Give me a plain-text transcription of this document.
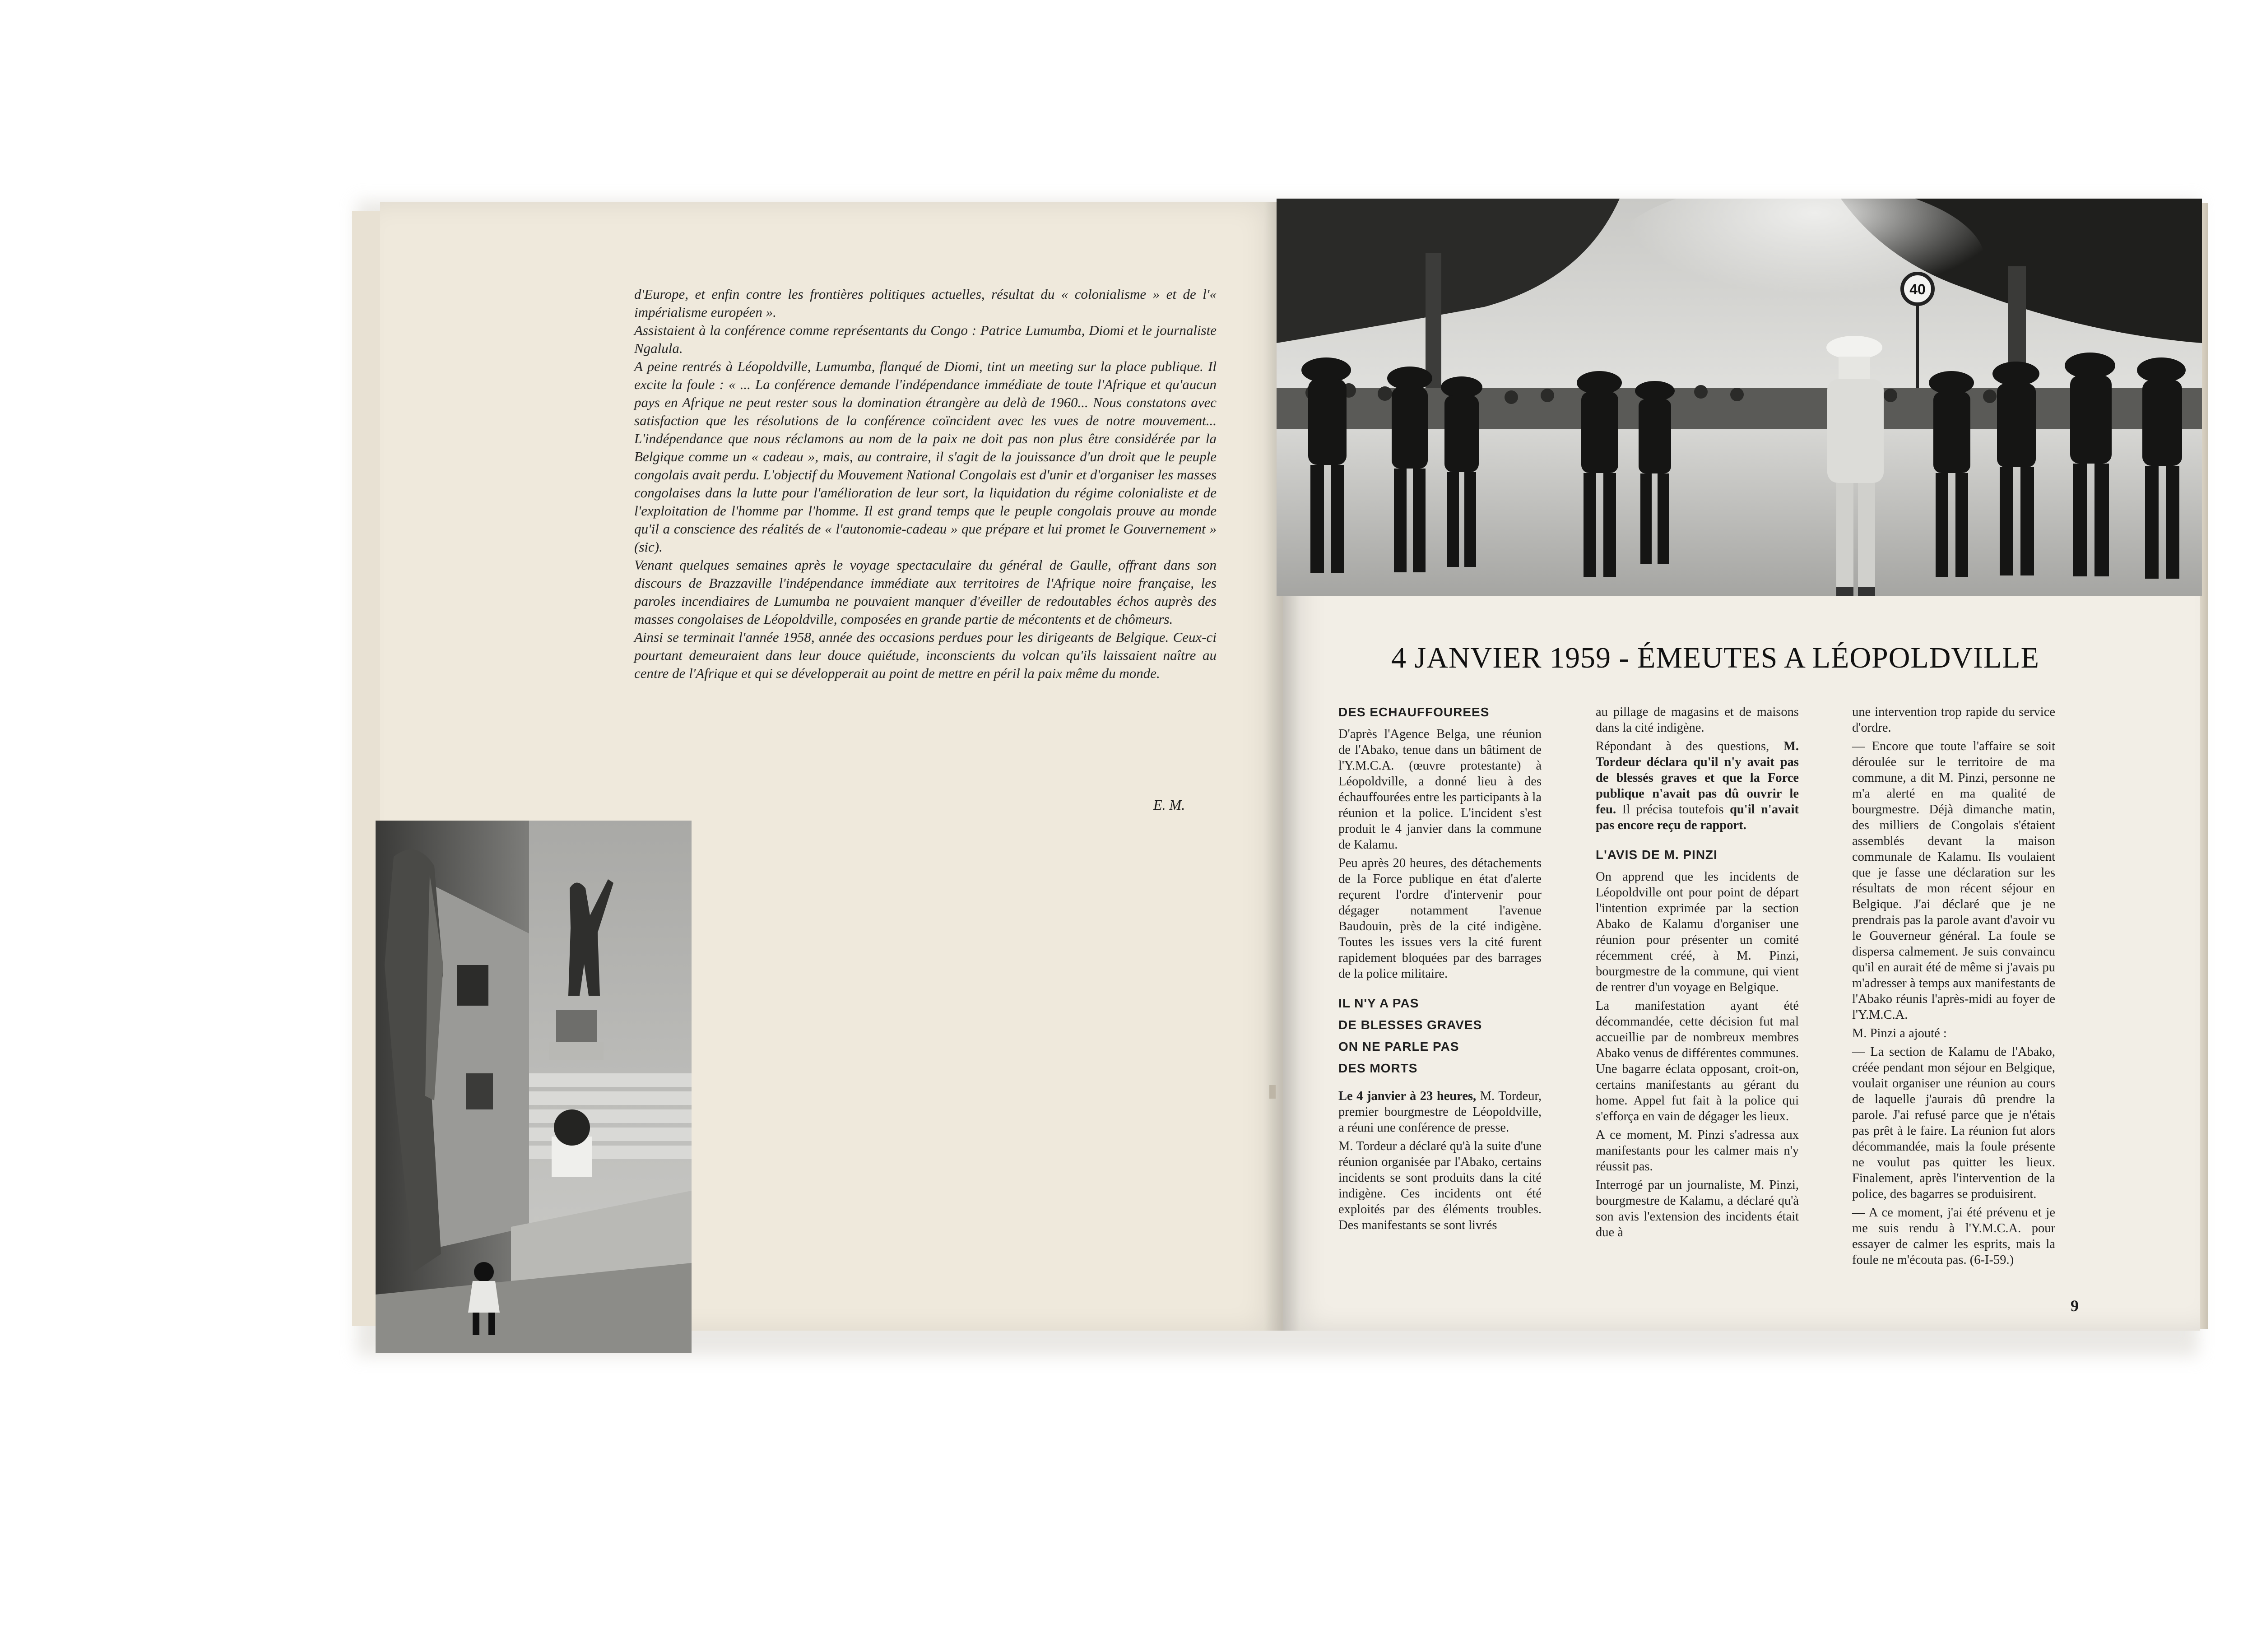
d'Europe, et enfin contre les frontières politiques actuelles, résultat du « colonialisme » et de l'« impérialisme européen ».

Assistaient à la conférence comme représentants du Congo : Patrice Lumumba, Diomi et le journaliste Ngalula.

A peine rentrés à Léopoldville, Lumumba, flanqué de Diomi, tint un meeting sur la place publique. Il excite la foule : « ... La conférence demande l'indépendance immédiate de toute l'Afrique et qu'aucun pays en Afrique ne peut rester sous la domination étrangère au delà de 1960... Nous constatons avec satisfaction que les résolutions de la conférence coïncident avec les vues de notre mouvement... L'indépendance que nous réclamons au nom de la paix ne doit pas non plus être considérée par la Belgique comme un « cadeau », mais, au contraire, il s'agit de la jouissance d'un droit que le peuple congolais avait perdu. L'objectif du Mouvement National Congolais est d'unir et d'organiser les masses congolaises dans la lutte pour l'amélioration de leur sort, la liquidation du régime colonialiste et de l'exploitation de l'homme par l'homme. Il est grand temps que le peuple congolais prouve au monde qu'il a conscience des réalités de « l'autonomie-cadeau » que prépare et lui promet le Gouvernement » (sic).

Venant quelques semaines après le voyage spectaculaire du général de Gaulle, offrant dans son discours de Brazzaville l'indépendance immédiate aux territoires de l'Afrique noire française, les paroles incendiaires de Lumumba ne pouvaient manquer d'éveiller de redoutables échos auprès des masses congolaises de Léopoldville, composées en grande partie de mécontents et de chômeurs.

Ainsi se terminait l'année 1958, année des occasions perdues pour les dirigeants de Belgique. Ceux-ci pourtant demeuraient dans leur douce quiétude, inconscients du volcan qu'ils laissaient naître au centre de l'Afrique et qui se développerait au point de mettre en péril la paix même du monde.

E. M.
40
4 JANVIER 1959 - ÉMEUTES A LÉOPOLDVILLE
DES ECHAUFFOUREES

D'après l'Agence Belga, une réunion de l'Abako, tenue dans un bâtiment de l'Y.M.C.A. (œuvre protestante) à Léopoldville, a donné lieu à des échauffourées entre les participants à la réunion et la police. L'incident s'est produit le 4 janvier dans la commune de Kalamu.

Peu après 20 heures, des détachements de la Force publique en état d'alerte reçurent l'ordre d'intervenir pour dégager notamment l'avenue Baudouin, près de la cité indigène. Toutes les issues vers la cité furent rapidement bloquées par des barrages de la police militaire.

IL N'Y A PAS
DE BLESSES GRAVES
ON NE PARLE PAS
DES MORTS

Le 4 janvier à 23 heures, M. Tordeur, premier bourgmestre de Léopoldville, a réuni une conférence de presse.

M. Tordeur a déclaré qu'à la suite d'une réunion organisée par l'Abako, certains incidents se sont produits dans la cité indigène. Ces incidents ont été exploités par des éléments troubles. Des manifestants se sont livrés

au pillage de magasins et de maisons dans la cité indigène.

Répondant à des questions, M. Tordeur déclara qu'il n'y avait pas de blessés graves et que la Force publique n'avait pas dû ouvrir le feu. Il précisa toutefois qu'il n'avait pas encore reçu de rapport.

L'AVIS DE M. PINZI

On apprend que les incidents de Léopoldville ont pour point de départ l'intention exprimée par la section Abako de Kalamu d'organiser une réunion pour présenter un comité récemment créé, à M. Pinzi, bourgmestre de la commune, qui vient de rentrer d'un voyage en Belgique.

La manifestation ayant été décommandée, cette décision fut mal accueillie par de nombreux membres Abako venus de différentes communes. Une bagarre éclata opposant, croit-on, certains manifestants au gérant du home. Appel fut fait à la police qui s'efforça en vain de dégager les lieux.

A ce moment, M. Pinzi s'adressa aux manifestants pour les calmer mais n'y réussit pas.

Interrogé par un journaliste, M. Pinzi, bourgmestre de Kalamu, a déclaré qu'à son avis l'extension des incidents était due à

une intervention trop rapide du service d'ordre.

— Encore que toute l'affaire se soit déroulée sur le territoire de ma commune, a dit M. Pinzi, personne ne m'a alerté en ma qualité de bourgmestre. Déjà dimanche matin, des milliers de Congolais s'étaient assemblés devant la maison communale de Kalamu. Ils voulaient que je fasse une déclaration sur les résultats de mon récent séjour en Belgique. J'ai déclaré que je ne prendrais pas la parole avant d'avoir vu le Gouverneur général. La foule se dispersa calmement. Je suis convaincu qu'il en aurait été de même si j'avais pu m'adresser à temps aux manifestants de l'Abako réunis l'après-midi au foyer de l'Y.M.C.A.

M. Pinzi a ajouté :

— La section de Kalamu de l'Abako, créée pendant mon séjour en Belgique, voulait organiser une réunion au cours de laquelle j'aurais dû prendre la parole. J'ai refusé parce que je n'étais pas prêt à le faire. La réunion fut alors décommandée, mais la foule présente ne voulut pas quitter les lieux. Finalement, après l'intervention de la police, des bagarres se produisirent.

— A ce moment, j'ai été prévenu et je me suis rendu à l'Y.M.C.A. pour essayer de calmer les esprits, mais la foule ne m'écouta pas. (6-I-59.)

9
